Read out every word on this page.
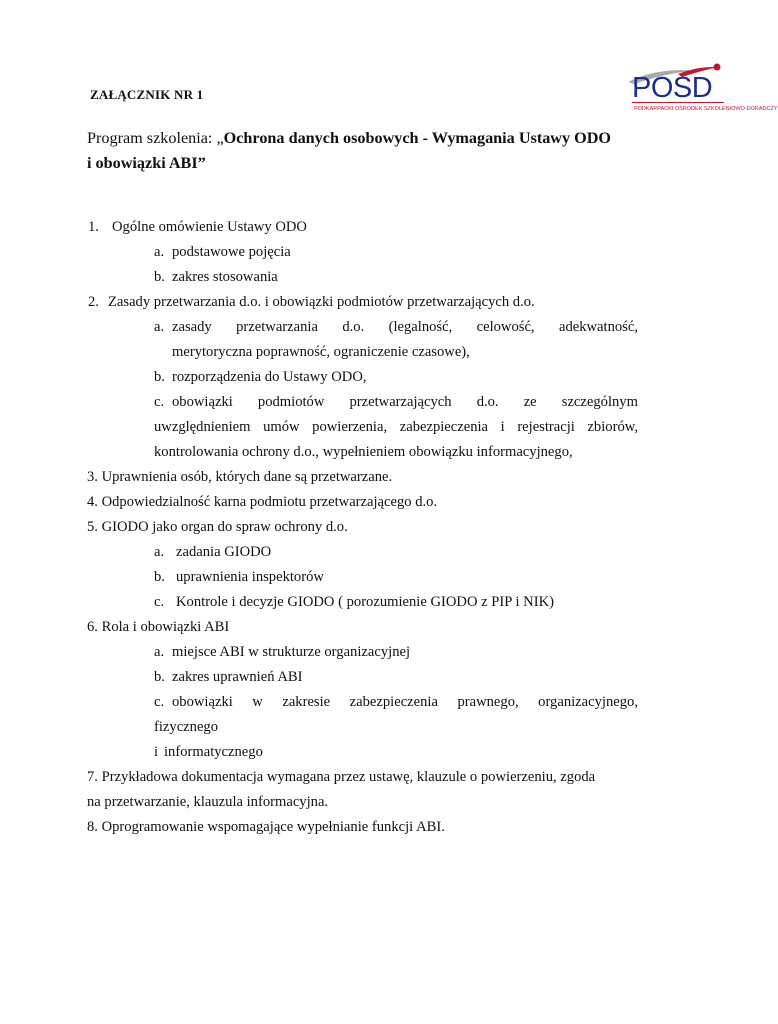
ZAŁĄCZNIK NR 1	POSD
PODKARPACKI OŚRODEK SZKOLENIOWO-DORADCZY
Program szkolenia: „Ochrona danych osobowych - Wymagania Ustawy ODO
i obowiązki ABI”
1. Ogólne omówienie Ustawy ODO
a. podstawowe pojęcia
b. zakres stosowania
2. Zasady przetwarzania d.o. i obowiązki podmiotów przetwarzających d.o.
a. zasady przetwarzania d.o. (legalność, celowość, adekwatność,
merytoryczna poprawność, ograniczenie czasowe),
b. rozporządzenia do Ustawy ODO,
c. obowiązki podmiotów przetwarzających d.o. ze szczególnym
uwzględnieniem umów powierzenia, zabezpieczenia i rejestracji zbiorów,
kontrolowania ochrony d.o., wypełnieniem obowiązku informacyjnego,
3. Uprawnienia osób, których dane są przetwarzane.
4. Odpowiedzialność karna podmiotu przetwarzającego d.o.
5. GIODO jako organ do spraw ochrony d.o.
a. zadania GIODO
b. uprawnienia inspektorów
c. Kontrole i decyzje GIODO ( porozumienie GIODO z PIP i NIK)
6. Rola i obowiązki ABI
a. miejsce ABI w strukturze organizacyjnej
b. zakres uprawnień ABI
c. obowiązki w zakresie zabezpieczenia prawnego, organizacyjnego,
fizycznego
i informatycznego
7. Przykładowa dokumentacja wymagana przez ustawę, klauzule o powierzeniu, zgoda
na przetwarzanie, klauzula informacyjna.
8. Oprogramowanie wspomagające wypełnianie funkcji ABI.
